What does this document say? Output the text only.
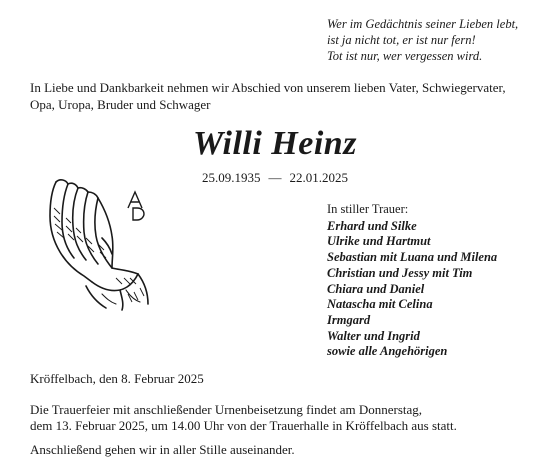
Wer im Gedächtnis seiner Lieben lebt,
ist ja nicht tot, er ist nur fern!
Tot ist nur, wer vergessen wird.
In Liebe und Dankbarkeit nehmen wir Abschied von unserem lieben Vater, Schwiegervater,
Opa, Uropa, Bruder und Schwager
Willi Heinz
25.09.1935 — 22.01.2025
In stiller Trauer:
Erhard und Silke
Ulrike und Hartmut
Sebastian mit Luana und Milena
Christian und Jessy mit Tim
Chiara und Daniel
Natascha mit Celina
Irmgard
Walter und Ingrid
sowie alle Angehörigen
Kröffelbach, den 8. Februar 2025
Die Trauerfeier mit anschließender Urnenbeisetzung findet am Donnerstag,
dem 13. Februar 2025, um 14.00 Uhr von der Trauerhalle in Kröffelbach aus statt.
Anschließend gehen wir in aller Stille auseinander.
